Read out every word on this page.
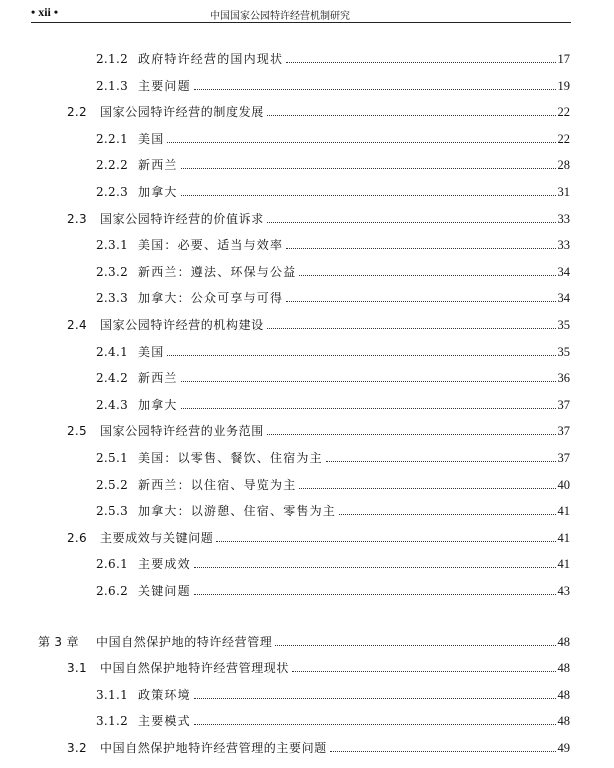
• xii •	中国国家公园特许经营机制研究
2.1.2 政府特许经营的国内现状	17
2.1.3 主要问题	19
2.2	国家公园特许经营的制度发展	22
2.2.1 美国	22
2.2.2 新西兰	28
2.2.3 加拿大	31
2.3	国家公园特许经营的价值诉求	33
2.3.1 美国：必要、适当与效率	33
2.3.2 新西兰：遵法、环保与公益	34
2.3.3 加拿大：公众可享与可得	34
2.4	国家公园特许经营的机构建设	35
2.4.1 美国	35
2.4.2 新西兰	36
2.4.3 加拿大	37
2.5	国家公园特许经营的业务范围	37
2.5.1 美国：以零售、餐饮、住宿为主	37
2.5.2 新西兰：以住宿、导览为主	40
2.5.3 加拿大：以游憩、住宿、零售为主	41
2.6	主要成效与关键问题	41
2.6.1 主要成效	41
2.6.2 关键问题	43
第 3 章	中国自然保护地的特许经营管理	48
3.1	中国自然保护地特许经营管理现状	48
3.1.1 政策环境	48
3.1.2 主要模式	48
3.2	中国自然保护地特许经营管理的主要问题	49
